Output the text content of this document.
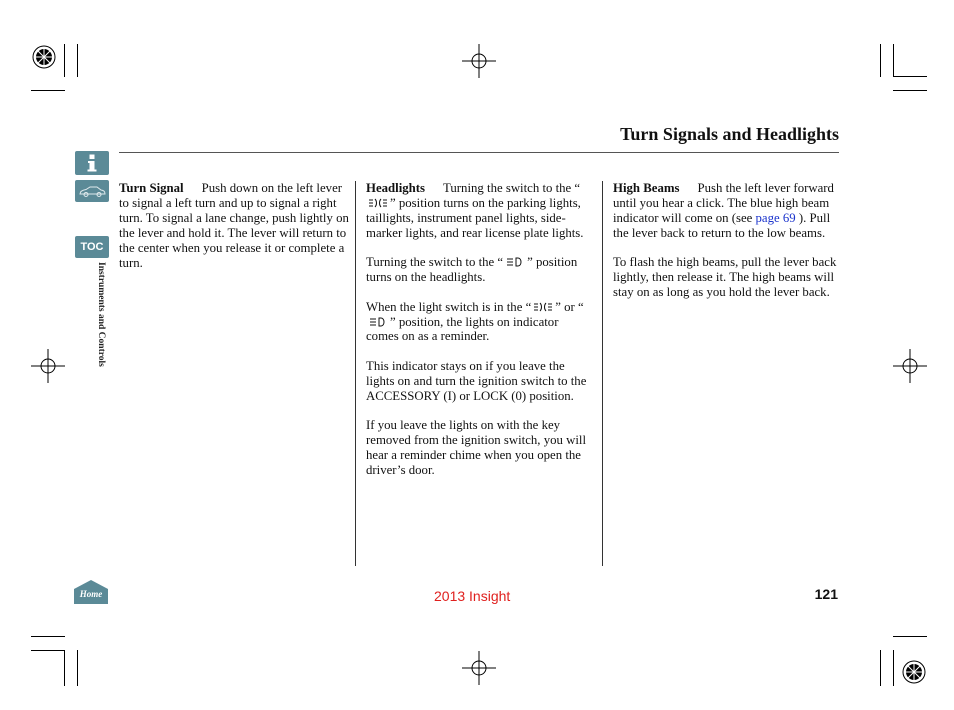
Turn Signals and Headlights
TOC
Instruments and Controls

Turn Signal Push down on the left lever to signal a left turn and up to signal a right turn. To signal a lane change, push lightly on the lever and hold it. The lever will return to the center when you release it or complete a turn.

Headlights Turning the switch to the “” position turns on the parking lights, taillights, instrument panel lights, side-marker lights, and rear license plate lights.

Turning the switch to the “ ” position turns on the headlights.

When the light switch is in the “ ” or “” position, the lights on indicator comes on as a reminder.

This indicator stays on if you leave the lights on and turn the ignition switch to the ACCESSORY (I) or LOCK (0) position.

If you leave the lights on with the key removed from the ignition switch, you will hear a reminder chime when you open the driver’s door.

High Beams Push the left lever forward until you hear a click. The blue high beam indicator will come on (see page 69 ). Pull the lever back to return to the low beams.

To flash the high beams, pull the lever back lightly, then release it. The high beams will stay on as long as you hold the lever back.

Home	2013 Insight	121
